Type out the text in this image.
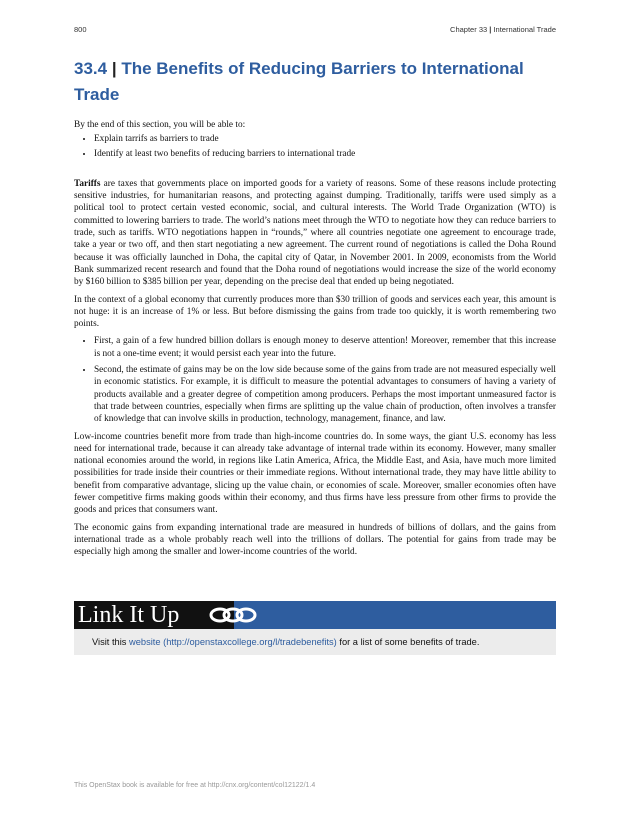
800	Chapter 33 | International Trade
33.4 | The Benefits of Reducing Barriers to International Trade

By the end of this section, you will be able to:

• Explain tarrifs as barriers to trade
• Identify at least two benefits of reducing barriers to international trade

Tariffs are taxes that governments place on imported goods for a variety of reasons. Some of these reasons include protecting sensitive industries, for humanitarian reasons, and protecting against dumping. Traditionally, tariffs were used simply as a political tool to protect certain vested economic, social, and cultural interests. The World Trade Organization (WTO) is committed to lowering barriers to trade. The world’s nations meet through the WTO to negotiate how they can reduce barriers to trade, such as tariffs. WTO negotiations happen in “rounds,” where all countries negotiate one agreement to encourage trade, take a year or two off, and then start negotiating a new agreement. The current round of negotiations is called the Doha Round because it was officially launched in Doha, the capital city of Qatar, in November 2001. In 2009, economists from the World Bank summarized recent research and found that the Doha round of negotiations would increase the size of the world economy by $160 billion to $385 billion per year, depending on the precise deal that ended up being negotiated.

In the context of a global economy that currently produces more than $30 trillion of goods and services each year, this amount is not huge: it is an increase of 1% or less. But before dismissing the gains from trade too quickly, it is worth remembering two points.

• First, a gain of a few hundred billion dollars is enough money to deserve attention! Moreover, remember that this increase is not a one-time event; it would persist each year into the future.
• Second, the estimate of gains may be on the low side because some of the gains from trade are not measured especially well in economic statistics. For example, it is difficult to measure the potential advantages to consumers of having a variety of products available and a greater degree of competition among producers. Perhaps the most important unmeasured factor is that trade between countries, especially when firms are splitting up the value chain of production, often involves a transfer of knowledge that can involve skills in production, technology, management, finance, and law.

Low-income countries benefit more from trade than high-income countries do. In some ways, the giant U.S. economy has less need for international trade, because it can already take advantage of internal trade within its economy. However, many smaller national economies around the world, in regions like Latin America, Africa, the Middle East, and Asia, have much more limited possibilities for trade inside their countries or their immediate regions. Without international trade, they may have little ability to benefit from comparative advantage, slicing up the value chain, or economies of scale. Moreover, smaller economies often have fewer competitive firms making goods within their economy, and thus firms have less pressure from other firms to provide the goods and prices that consumers want.

The economic gains from expanding international trade are measured in hundreds of billions of dollars, and the gains from international trade as a whole probably reach well into the trillions of dollars. The potential for gains from trade may be especially high among the smaller and lower-income countries of the world.

Link It Up
Visit this website (http://openstaxcollege.org/l/tradebenefits) for a list of some benefits of trade.
This OpenStax book is available for free at http://cnx.org/content/col12122/1.4
